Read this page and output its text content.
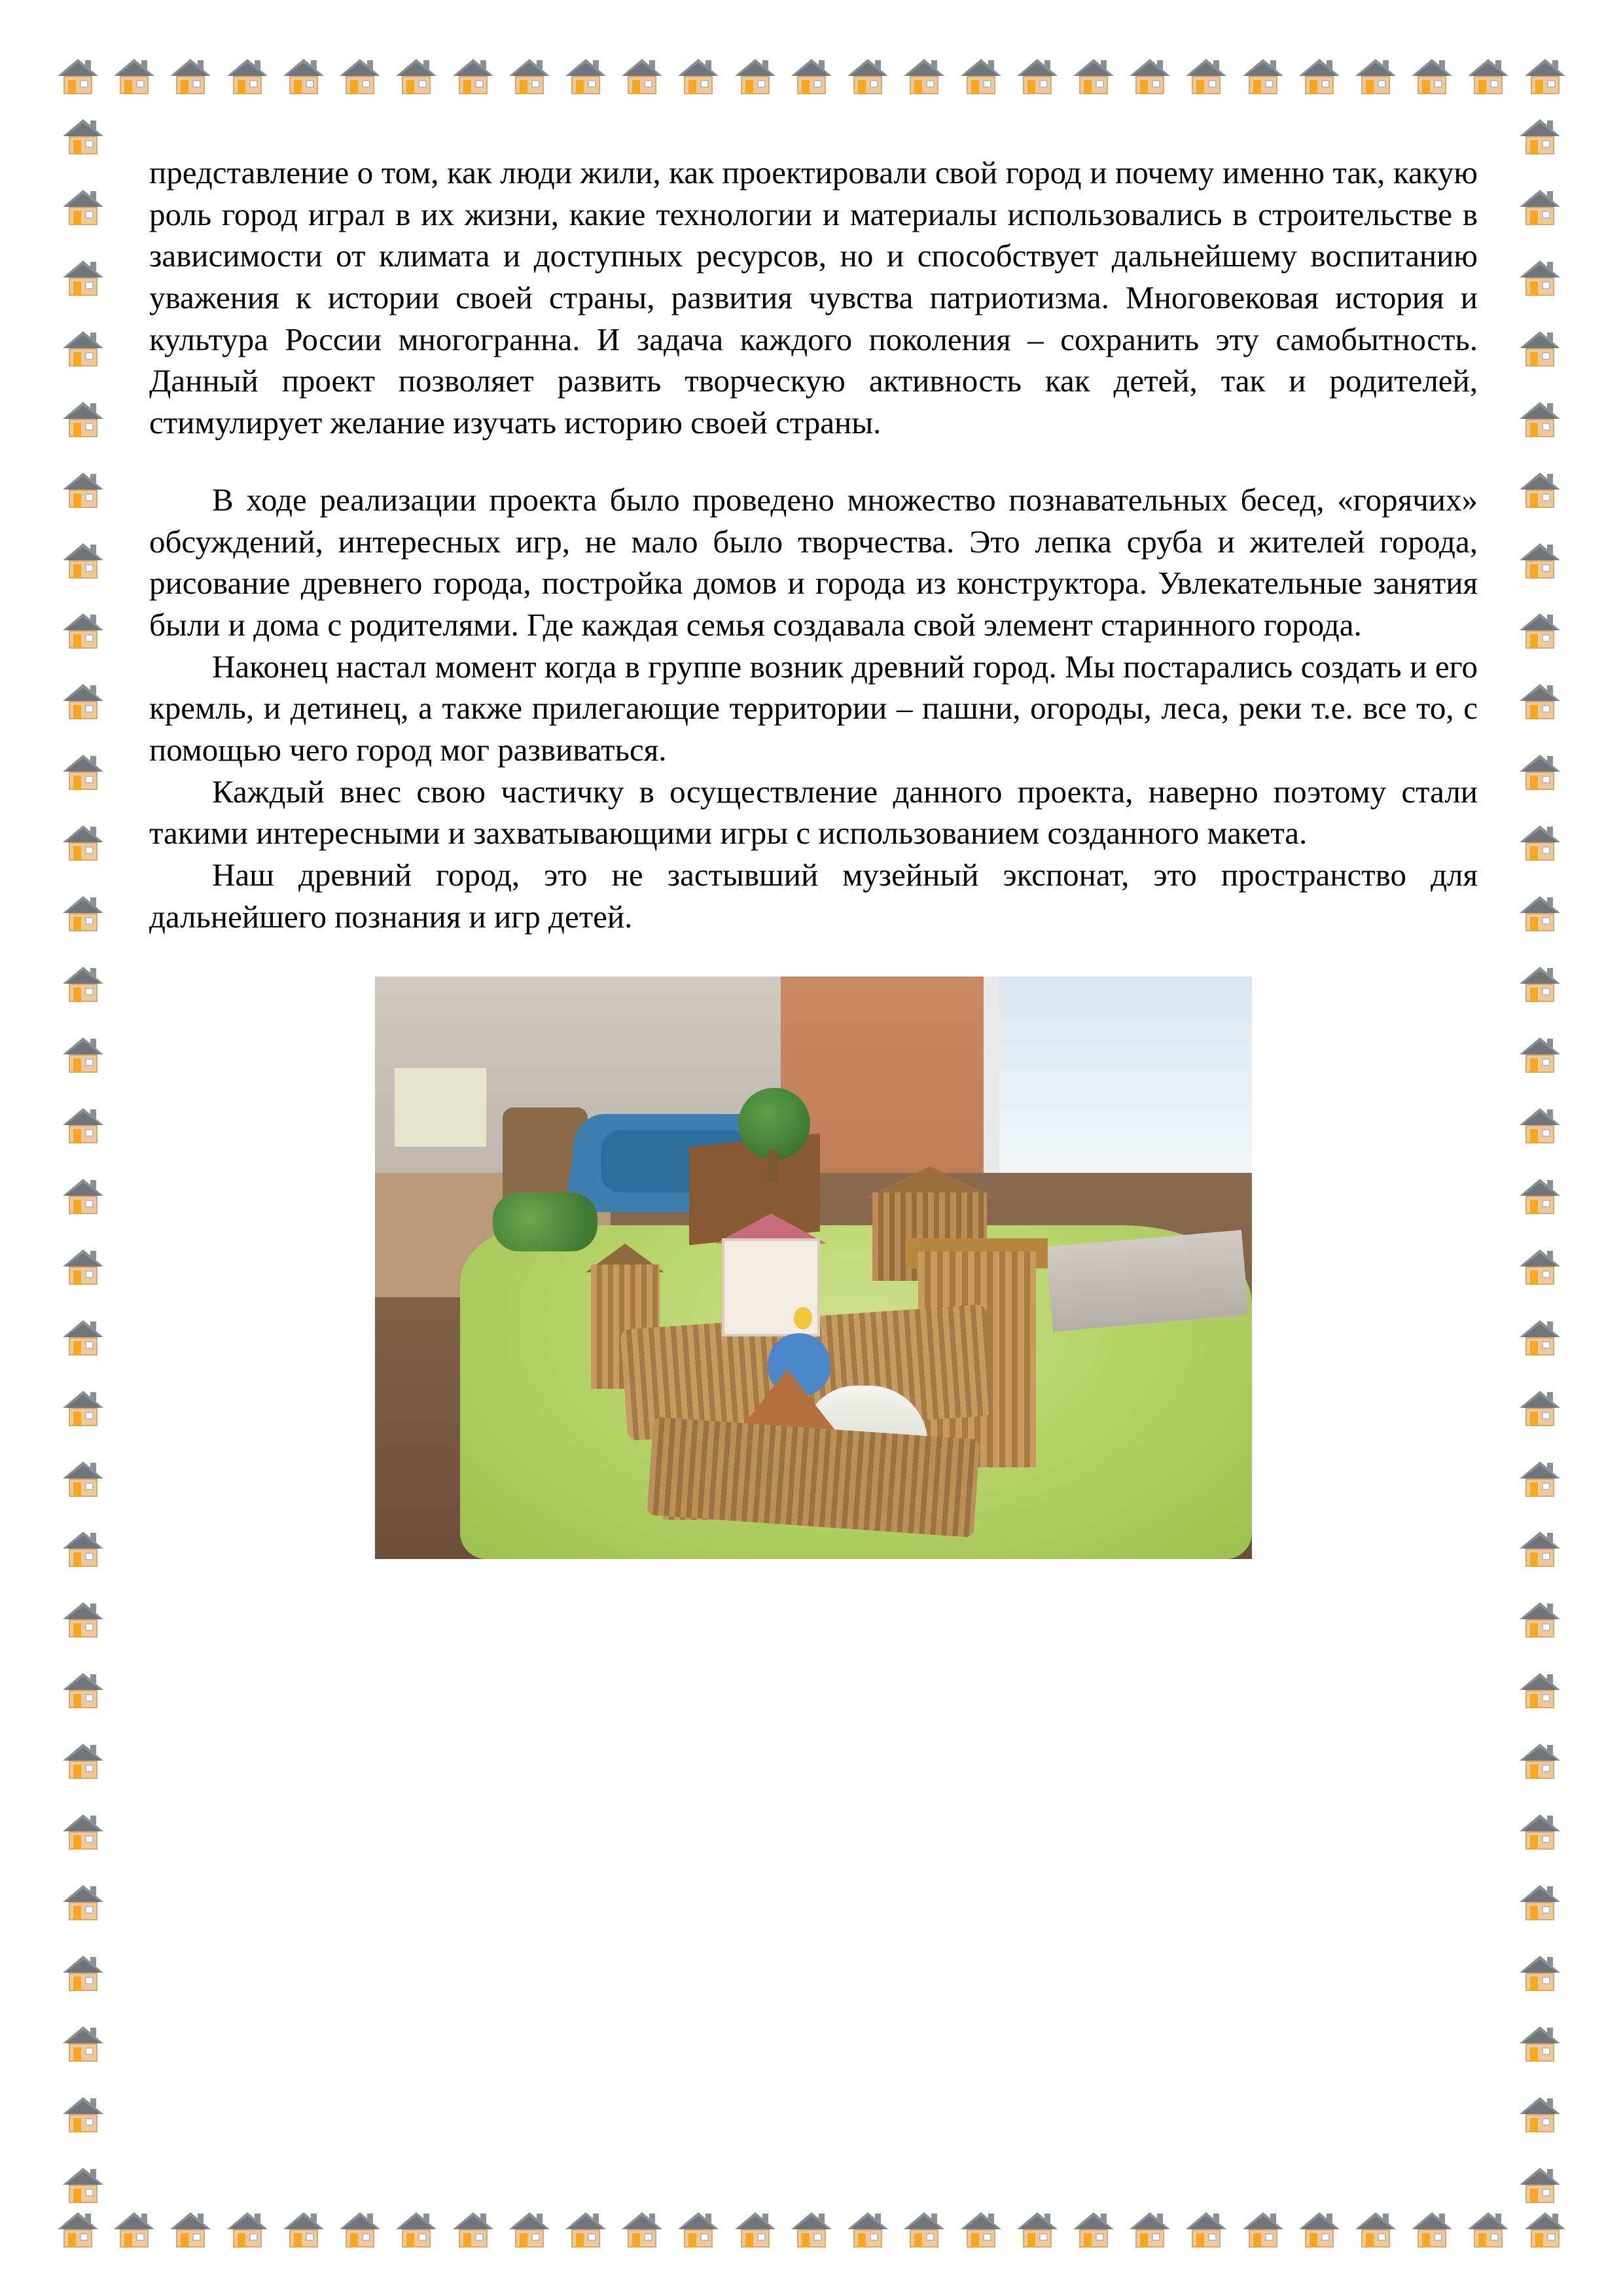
представление о том, как люди жили, как проектировали свой город и почему именно так, какую роль город играл в их жизни, какие технологии и материалы использовались в строительстве в зависимости от климата и доступных ресурсов, но и способствует дальнейшему воспитанию уважения к истории своей страны, развития чувства патриотизма. Многовековая история и культура России многогранна. И задача каждого поколения – сохранить эту самобытность. Данный проект позволяет развить творческую активность как детей, так и родителей, стимулирует желание изучать историю своей страны.

В ходе реализации проекта было проведено множество познавательных бесед, «горячих» обсуждений, интересных игр, не мало было творчества. Это лепка сруба и жителей города, рисование древнего города, постройка домов и города из конструктора. Увлекательные занятия были и дома с родителями. Где каждая семья создавала свой элемент старинного города.

Наконец настал момент когда в группе возник древний город. Мы постарались создать и его кремль, и детинец, а также прилегающие территории – пашни, огороды, леса, реки т.е. все то, с помощью чего город мог развиваться.

Каждый внес свою частичку в осуществление данного проекта, наверно поэтому стали такими интересными и захватывающими игры с использованием созданного макета.

Наш древний город, это не застывший музейный экспонат, это пространство для дальнейшего познания и игр детей.
